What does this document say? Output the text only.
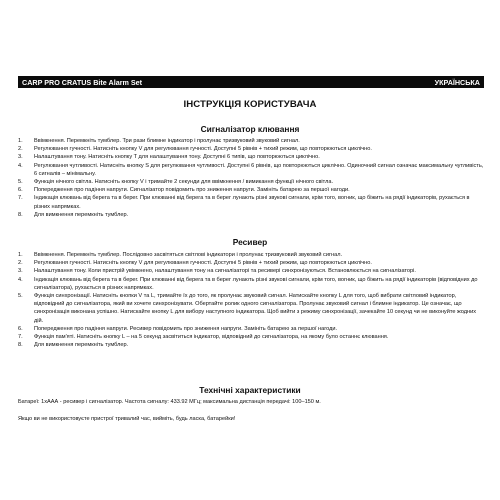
CARP PRO CRATUS Bite Alarm Set	УКРАЇНСЬКА
ІНСТРУКЦІЯ КОРИСТУВАЧА
Сигналізатор клювання
1.	Ввімкнення. Перемкніть тумблер. Три рази блимне індикатор і пролунає тризвуковий звуковий сигнал.
2.	Регулювання гучності. Натисніть кнопку V для регулювання гучності. Доступні 5 рівнів + тихий режим, що повторюються циклічно.
3.	Налаштування тону. Натисніть кнопку T для налаштування тону. Доступні 6 типів, що повторюються циклічно.
4.	Регулювання чутливості. Натисніть кнопку S для регулювання чутливості. Доступні 6 рівнів, що повторюються циклічно. Одиночний сигнал означає максимальну чутливість, 6 сигналів – мінімальну.
5.	Функція нічного світла. Натисніть кнопку V і тримайте 2 секунди для ввімкнення / вимикання функції нічного світла.
6.	Попередження про падіння напруги. Сигналізатор повідомить про зниження напруги. Замініть батарею за першої нагоди.
7.	Індикація клювань від берега та в берег. При клюванні від берега та в берег лунають різні звукові сигнали, крім того, вогник, що біжить на рядії індикаторів, рухається в різних напрямках.
8.	Для вимкнення перемкніть тумблер.
Ресивер
1.	Ввімкнення. Перемкніть тумблер. Послідовно засвітяться світлові індикатори і пролунає тризвуковий звуковий сигнал.
2.	Регулювання гучності. Натисніть кнопку V для регулювання гучності. Доступні 5 рівнів + тихий режим, що повторюються циклічно.
3.	Налаштування тону. Коли пристрій увімкнено, налаштування тону на сигналізаторі та ресивері синхронізуються. Встановлюється на сигналізаторі.
4.	Індикація клювань від берега та в берег. При клюванні від берега та в берег лунають різні звукові сигнали, крім того, вогник, що біжить на рядії індикаторів (відповідних до сигналізатора), рухається в різних напрямках.
5.	Функція синхронізації. Натисніть кнопки V та L, тримайте їх до того, як пролунає звуковий сигнал. Натискайте кнопку L для того, щоб вибрати світловий індикатор, відповідний до сигналізатора, який ви хочете синхронізувати. Обертайте ролик одного сигналізатора. Пролунає звуковий сигнал і блимне індикатор. Це означає, що синхронізація виконана успішно. Натискайте кнопку L для вибору наступного індикатора. Щоб вийти з режиму синхронізації, зачекайте 10 секунд чи не виконуйте жодних дій.
6.	Попередження про падіння напруги. Ресивер повідомить про зниження напруги. Замініть батарею за першої нагоди.
7.	Функція пам'яті. Натисніть кнопку L – на 5 секунд засвітиться індикатор, відповідний до сигналізатора, на якому було останнє клювання.
8.	Для вимкнення перемкніть тумблер.
Технічні характеристики
Батареї: 1хААА - ресивер і сигналізатор. Частота сигналу: 433.92 МГц; максимальна дистанція передачі: 100–150 м.
Якщо ви не використовуєте пристрої тривалий час, вийміть, будь ласка, батарейки!
